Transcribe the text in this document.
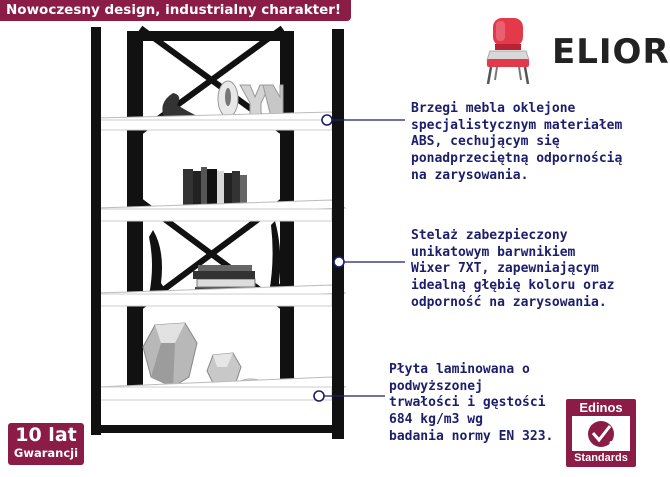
Nowoczesny design, industrialny charakter!
ELIOR
Brzegi mebla oklejone
specjalistycznym materiałem
ABS, cechującym się
ponadprzeciętną odpornością
na zarysowania.
Stelaż zabezpieczony
unikatowym barwnikiem
Wixer 7XT, zapewniającym
idealną głębię koloru oraz
odporność na zarysowania.
Płyta laminowana o
podwyższonej
trwałości i gęstości
684 kg/m3 wg
badania normy EN 323.
10 lat
Gwarancji
Edinos
DSI 804
Standards
